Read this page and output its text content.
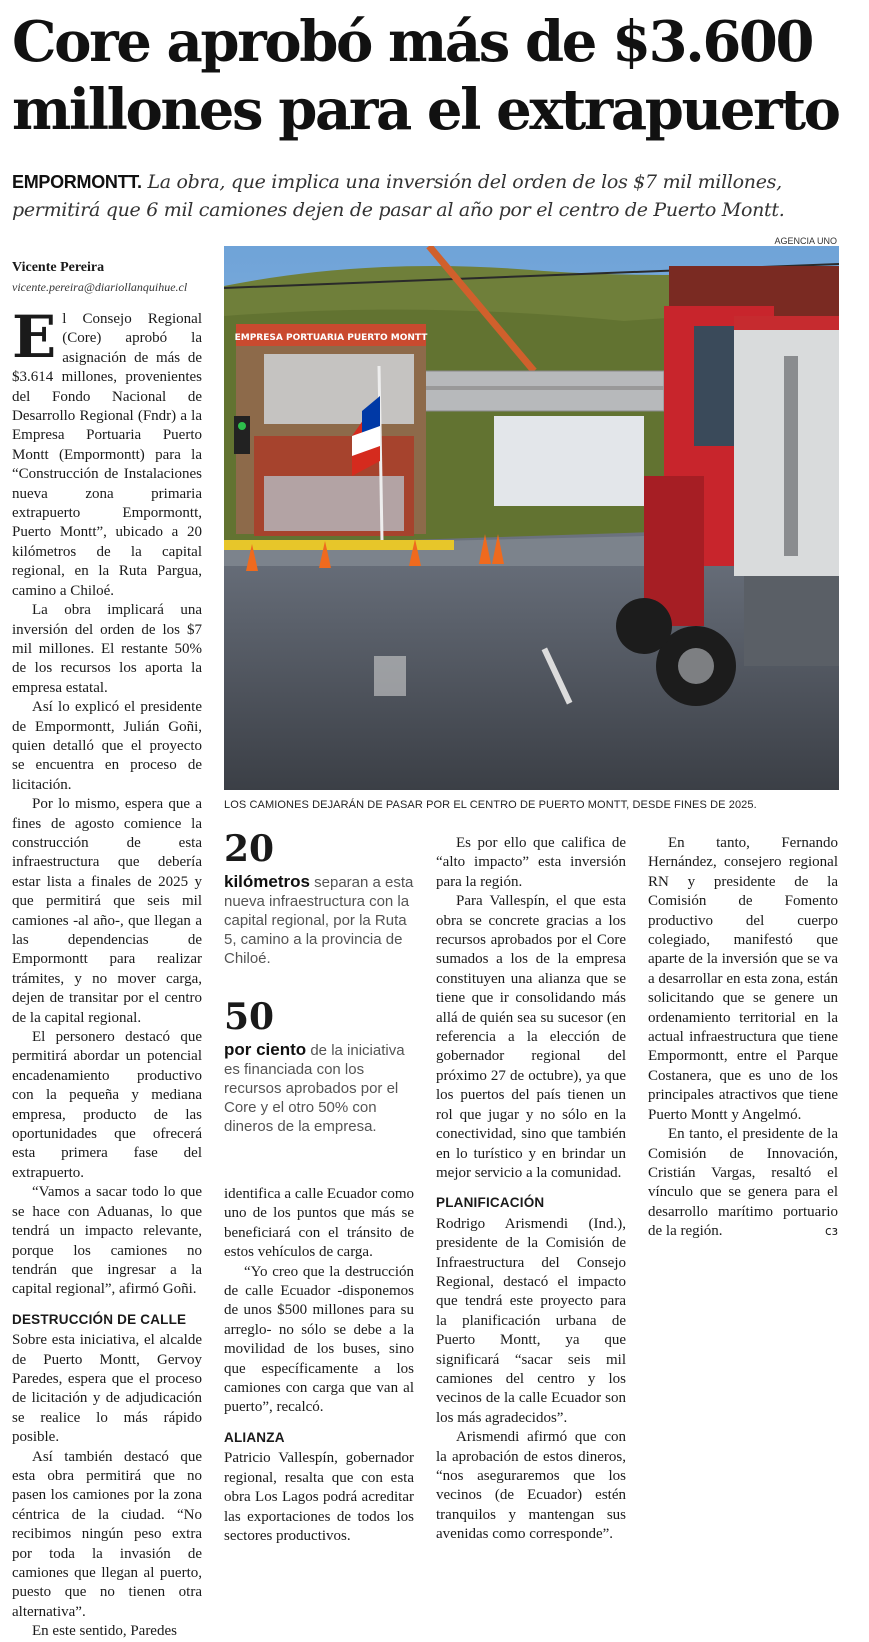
Core aprobó más de $3.600 millones para el extrapuerto

EMPORMONTT. La obra, que implica una inversión del orden de los $7 mil millones, permitirá que 6 mil camiones dejen de pasar al año por el centro de Puerto Montt.

Vicente Pereira
vicente.pereira@diariollanquihue.cl

El Consejo Regional (Core) aprobó la asignación de más de $3.614 millones, provenientes del Fondo Nacional de Desarrollo Regional (Fndr) a la Empresa Portuaria Puerto Montt (Empormontt) para la “Construcción de Instalaciones nueva zona primaria extrapuerto Empormontt, Puerto Montt”, ubicado a 20 kilómetros de la capital regional, en la Ruta Pargua, camino a Chiloé.

La obra implicará una inversión del orden de los $7 mil millones. El restante 50% de los recursos los aporta la empresa estatal.

Así lo explicó el presidente de Empormontt, Julián Goñi, quien detalló que el proyecto se encuentra en proceso de licitación.

Por lo mismo, espera que a fines de agosto comience la construcción de esta infraestructura que debería estar lista a finales de 2025 y que permitirá que seis mil camiones -al año-, que llegan a las dependencias de Empormontt para realizar trámites, y no mover carga, dejen de transitar por el centro de la capital regional.

El personero destacó que permitirá abordar un potencial encadenamiento productivo con la pequeña y mediana empresa, producto de las oportunidades que ofrecerá esta primera fase del extrapuerto.

“Vamos a sacar todo lo que se hace con Aduanas, lo que tendrá un impacto relevante, porque los camiones no tendrán que ingresar a la capital regional”, afirmó Goñi.

DESTRUCCIÓN DE CALLE

Sobre esta iniciativa, el alcalde de Puerto Montt, Gervoy Paredes, espera que el proceso de licitación y de adjudicación se realice lo más rápido posible.

Así también destacó que esta obra permitirá que no pasen los camiones por la zona céntrica de la ciudad. “No recibimos ningún peso extra por toda la invasión de camiones que llegan al puerto, puesto que no tienen otra alternativa”.

En este sentido, Paredes

AGENCIA UNO
EMPRESA PORTUARIA PUERTO MONTT
LOS CAMIONES DEJARÁN DE PASAR POR EL CENTRO DE PUERTO MONTT, DESDE FINES DE 2025.
20
kilómetros separan a esta nueva infraestructura con la capital regional, por la Ruta 5, camino a la provincia de Chiloé.
50
por ciento de la iniciativa es financiada con los recursos aprobados por el Core y el otro 50% con dineros de la empresa.

identifica a calle Ecuador como uno de los puntos que más se beneficiará con el tránsito de estos vehículos de carga.

“Yo creo que la destrucción de calle Ecuador -disponemos de unos $500 millones para su arreglo- no sólo se debe a la movilidad de los buses, sino que específicamente a los camiones con carga que van al puerto”, recalcó.

ALIANZA

Patricio Vallespín, gobernador regional, resalta que con esta obra Los Lagos podrá acreditar las exportaciones de todos los sectores productivos.

Es por ello que califica de “alto impacto” esta inversión para la región.

Para Vallespín, el que esta obra se concrete gracias a los recursos aprobados por el Core sumados a los de la empresa constituyen una alianza que se tiene que ir consolidando más allá de quién sea su sucesor (en referencia a la elección de gobernador regional del próximo 27 de octubre), ya que los puertos del país tienen un rol que jugar y no sólo en la conectividad, sino que también en lo turístico y en brindar un mejor servicio a la comunidad.

PLANIFICACIÓN

Rodrigo Arismendi (Ind.), presidente de la Comisión de Infraestructura del Consejo Regional, destacó el impacto que tendrá este proyecto para la planificación urbana de Puerto Montt, ya que significará “sacar seis mil camiones del centro y los vecinos de la calle Ecuador son los más agradecidos”.

Arismendi afirmó que con la aprobación de estos dineros, “nos aseguraremos que los vecinos (de Ecuador) estén tranquilos y mantengan sus avenidas como corresponde”.

En tanto, Fernando Hernández, consejero regional RN y presidente de la Comisión de Fomento productivo del cuerpo colegiado, manifestó que aparte de la inversión que se va a desarrollar en esta zona, están solicitando que se genere un ordenamiento territorial en la actual infraestructura que tiene Empormontt, entre el Parque Costanera, que es uno de los principales atractivos que tiene Puerto Montt y Angelmó.

En tanto, el presidente de la Comisión de Innovación, Cristián Vargas, resaltó el vínculo que se genera para el desarrollo marítimo portuario de la región.	cз
